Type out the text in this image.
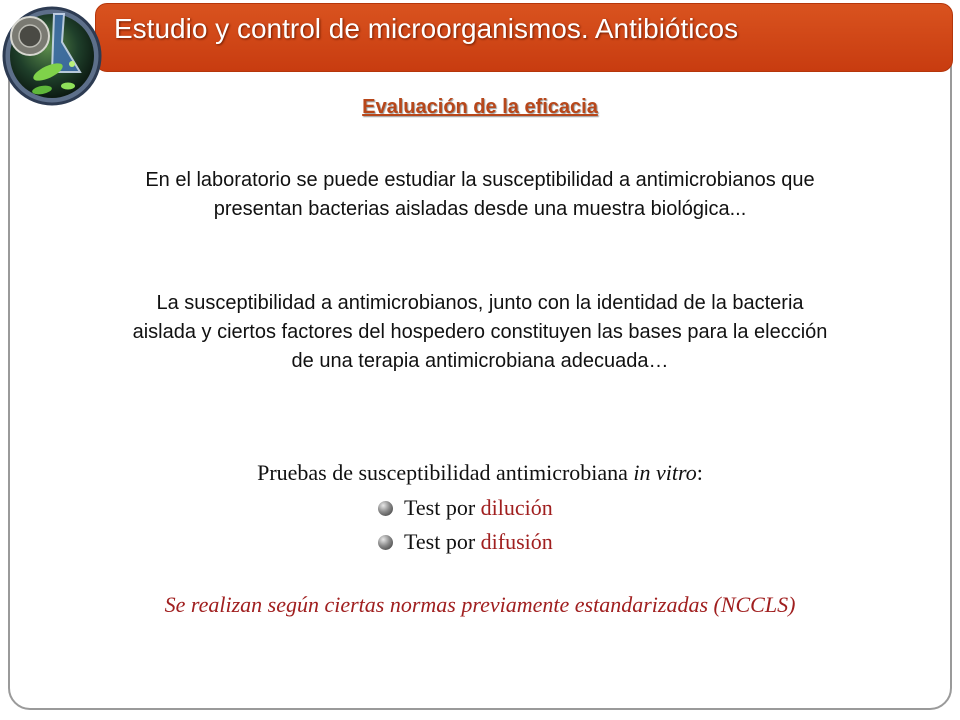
Estudio y control de microorganismos. Antibióticos
Evaluación de la eficacia
En el laboratorio se puede estudiar la susceptibilidad a antimicrobianos que presentan bacterias aisladas desde una muestra biológica...
La susceptibilidad a antimicrobianos, junto con la identidad de la bacteria aislada y ciertos factores del hospedero constituyen las bases para la elección de una terapia antimicrobiana adecuada…
Pruebas de susceptibilidad antimicrobiana in vitro:
Test por
dilución
Test por
difusión
Se realizan según ciertas normas previamente estandarizadas (NCCLS)
